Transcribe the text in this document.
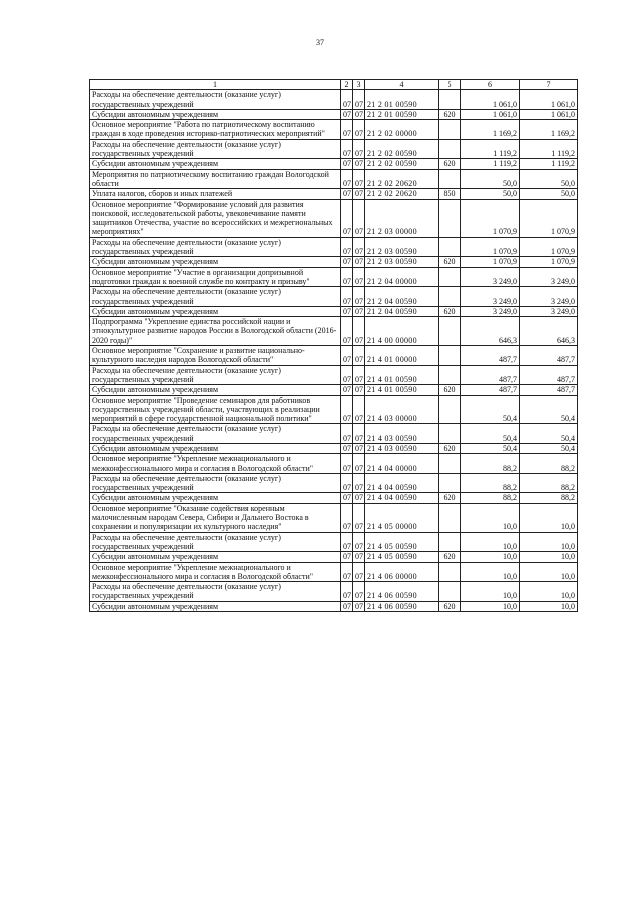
37
1	2	3	4	5	6	7
Расходы на обеспечение деятельности (оказание услуг) государственных учреждений	07	07	21 2 01 00590		1 061,0	1 061,0
Субсидии автономным учреждениям	07	07	21 2 01 00590	620	1 061,0	1 061,0
Основное мероприятие "Работа по патриотическому воспитанию граждан в ходе проведения историко-патриотических мероприятий"	07	07	21 2 02 00000		1 169,2	1 169,2
Расходы на обеспечение деятельности (оказание услуг) государственных учреждений	07	07	21 2 02 00590		1 119,2	1 119,2
Субсидии автономным учреждениям	07	07	21 2 02 00590	620	1 119,2	1 119,2
Мероприятия по патриотическому воспитанию граждан Вологодской области	07	07	21 2 02 20620		50,0	50,0
Уплата налогов, сборов и иных платежей	07	07	21 2 02 20620	850	50,0	50,0
Основное мероприятие "Формирование условий для развития поисковой, исследовательской работы, увековечивание памяти защитников Отечества, участие во всероссийских и межрегиональных мероприятиях"	07	07	21 2 03 00000		1 070,9	1 070,9
Расходы на обеспечение деятельности (оказание услуг) государственных учреждений	07	07	21 2 03 00590		1 070,9	1 070,9
Субсидии автономным учреждениям	07	07	21 2 03 00590	620	1 070,9	1 070,9
Основное мероприятие "Участие в организации допризывной подготовки граждан к военной службе по контракту и призыву"	07	07	21 2 04 00000		3 249,0	3 249,0
Расходы на обеспечение деятельности (оказание услуг) государственных учреждений	07	07	21 2 04 00590		3 249,0	3 249,0
Субсидии автономным учреждениям	07	07	21 2 04 00590	620	3 249,0	3 249,0
Подпрограмма "Укрепление единства российской нации и этнокультурное развитие народов России в Вологодской области (2016-2020 годы)"	07	07	21 4 00 00000		646,3	646,3
Основное мероприятие "Сохранение и развитие национально-культурного наследия народов Вологодской области"	07	07	21 4 01 00000		487,7	487,7
Расходы на обеспечение деятельности (оказание услуг) государственных учреждений	07	07	21 4 01 00590		487,7	487,7
Субсидии автономным учреждениям	07	07	21 4 01 00590	620	487,7	487,7
Основное мероприятие "Проведение семинаров для работников государственных учреждений области, участвующих в реализации мероприятий в сфере государственной национальной политики"	07	07	21 4 03 00000		50,4	50,4
Расходы на обеспечение деятельности (оказание услуг) государственных учреждений	07	07	21 4 03 00590		50,4	50,4
Субсидии автономным учреждениям	07	07	21 4 03 00590	620	50,4	50,4
Основное мероприятие "Укрепление межнационального и межконфессионального мира и согласия в Вологодской области"	07	07	21 4 04 00000		88,2	88,2
Расходы на обеспечение деятельности (оказание услуг) государственных учреждений	07	07	21 4 04 00590		88,2	88,2
Субсидии автономным учреждениям	07	07	21 4 04 00590	620	88,2	88,2
Основное мероприятие "Оказание содействия коренным малочисленным народам Севера, Сибири и Дальнего Востока в сохранении и популяризации их культурного наследия"	07	07	21 4 05 00000		10,0	10,0
Расходы на обеспечение деятельности (оказание услуг) государственных учреждений	07	07	21 4 05 00590		10,0	10,0
Субсидии автономным учреждениям	07	07	21 4 05 00590	620	10,0	10,0
Основное мероприятие "Укрепление межнационального и межконфессионального мира и согласия в Вологодской области"	07	07	21 4 06 00000		10,0	10,0
Расходы на обеспечение деятельности (оказание услуг) государственных учреждений	07	07	21 4 06 00590		10,0	10,0
Субсидии автономным учреждениям	07	07	21 4 06 00590	620	10,0	10,0
